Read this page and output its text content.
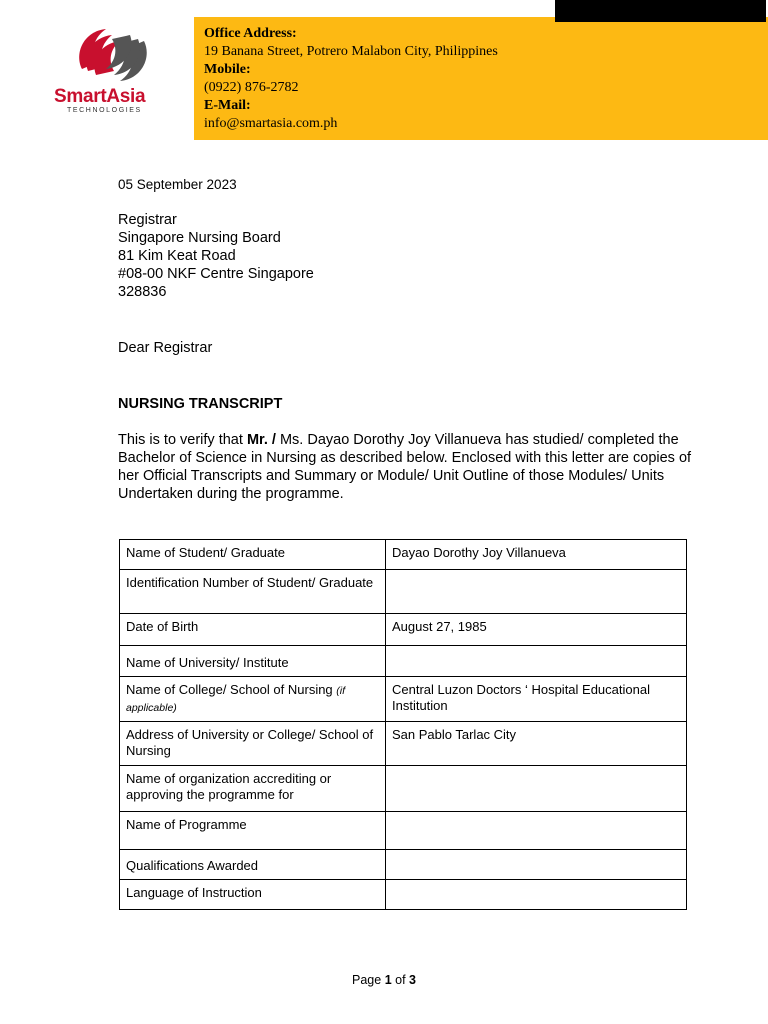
SmartAsia
TECHNOLOGIES
Office Address:
19 Banana Street, Potrero Malabon City, Philippines
Mobile:
(0922) 876-2782
E-Mail:
info@smartasia.com.ph
05 September 2023
Registrar
Singapore Nursing Board
81 Kim Keat Road
#08-00 NKF Centre Singapore
328836
Dear Registrar
NURSING TRANSCRIPT
This is to verify that Mr. / Ms. Dayao Dorothy Joy Villanueva has studied/ completed the Bachelor of Science in Nursing as described below. Enclosed with this letter are copies of her Official Transcripts and Summary or Module/ Unit Outline of those Modules/ Units Undertaken during the programme.
Name of Student/ Graduate	Dayao Dorothy Joy Villanueva
Identification Number of Student/ Graduate	
Date of Birth	August 27, 1985
Name of University/ Institute	
Name of College/ School of Nursing (if applicable)	Central Luzon Doctors ‘ Hospital Educational Institution
Address of University or College/ School of Nursing	San Pablo Tarlac City
Name of organization accrediting or approving the programme for	
Name of Programme	
Qualifications Awarded	
Language of Instruction	
Page 1 of 3
